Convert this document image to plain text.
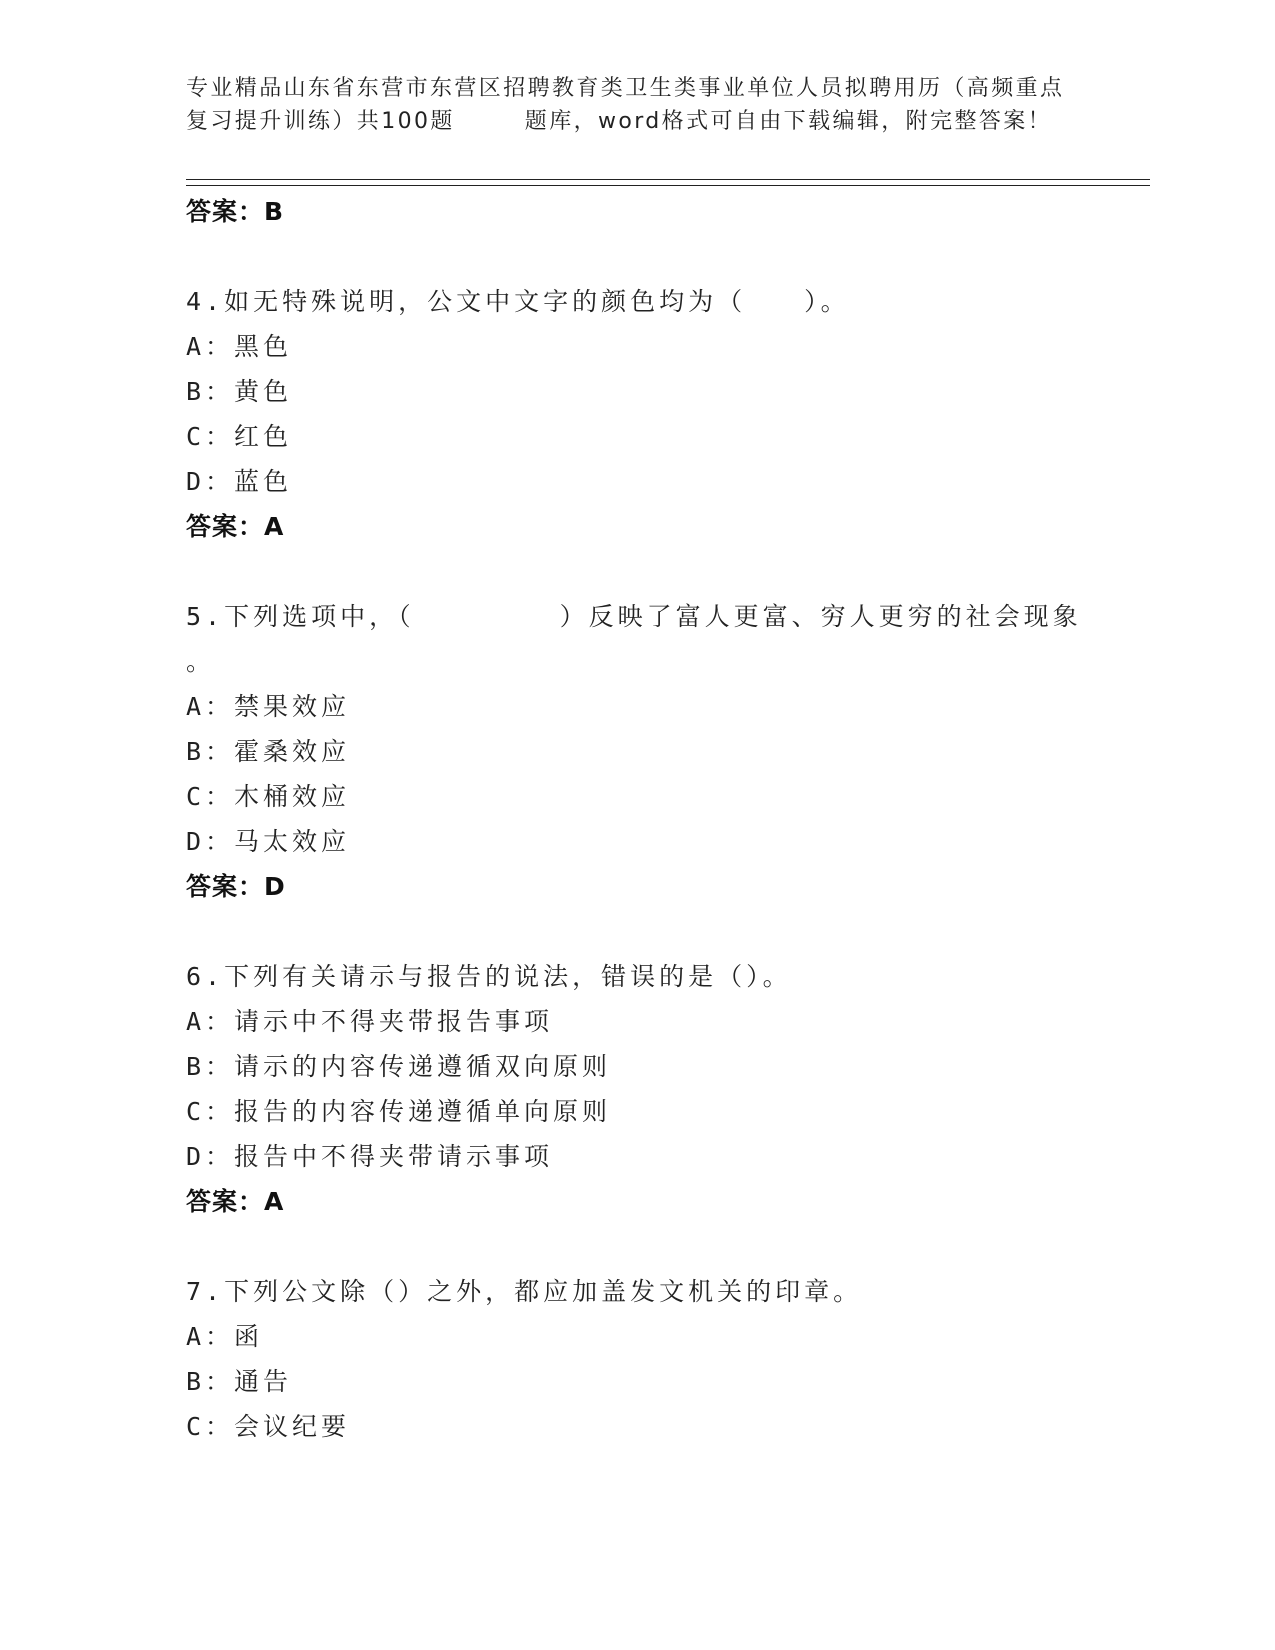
专业精品山东省东营市东营区招聘教育类卫生类事业单位人员拟聘用历（高频重点
复习提升训练）共100题	题库，word格式可自由下载编辑，附完整答案！
答案：B
4.如无特殊说明，公文中文字的颜色均为（　　）。
A：黑色
B：黄色
C：红色
D：蓝色
答案：A
5.下列选项中，（　　　　　）反映了富人更富、穷人更穷的社会现象
。
A：禁果效应
B：霍桑效应
C：木桶效应
D：马太效应
答案：D
6.下列有关请示与报告的说法，错误的是（）。
A：请示中不得夹带报告事项
B：请示的内容传递遵循双向原则
C：报告的内容传递遵循单向原则
D：报告中不得夹带请示事项
答案：A
7.下列公文除（）之外，都应加盖发文机关的印章。
A：函
B：通告
C：会议纪要
